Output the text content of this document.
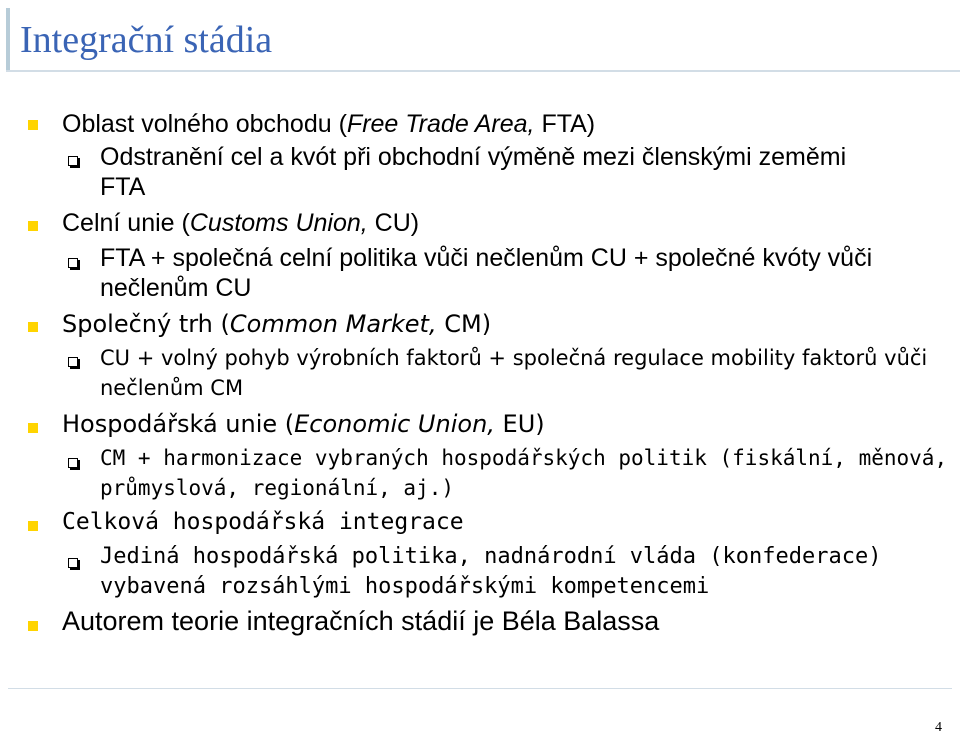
Integrační stádia
Oblast volného obchodu (Free Trade Area, FTA)
Odstranění cel a kvót při obchodní výměně mezi členskými zeměmi FTA
Celní unie (Customs Union, CU)
FTA + společná celní politika vůči nečlenům CU + společné kvóty vůči nečlenům CU
Společný trh (Common Market, CM)
CU + volný pohyb výrobních faktorů + společná regulace mobility faktorů vůči nečlenům CM
Hospodářská unie (Economic Union, EU)
CM + harmonizace vybraných hospodářských politik (fiskální, měnová, průmyslová, regionální, aj.)
Celková hospodářská integrace
Jediná hospodářská politika, nadnárodní vláda (konfederace) vybavená rozsáhlými hospodářskými kompetencemi
Autorem teorie integračních stádií je Béla Balassa
4
